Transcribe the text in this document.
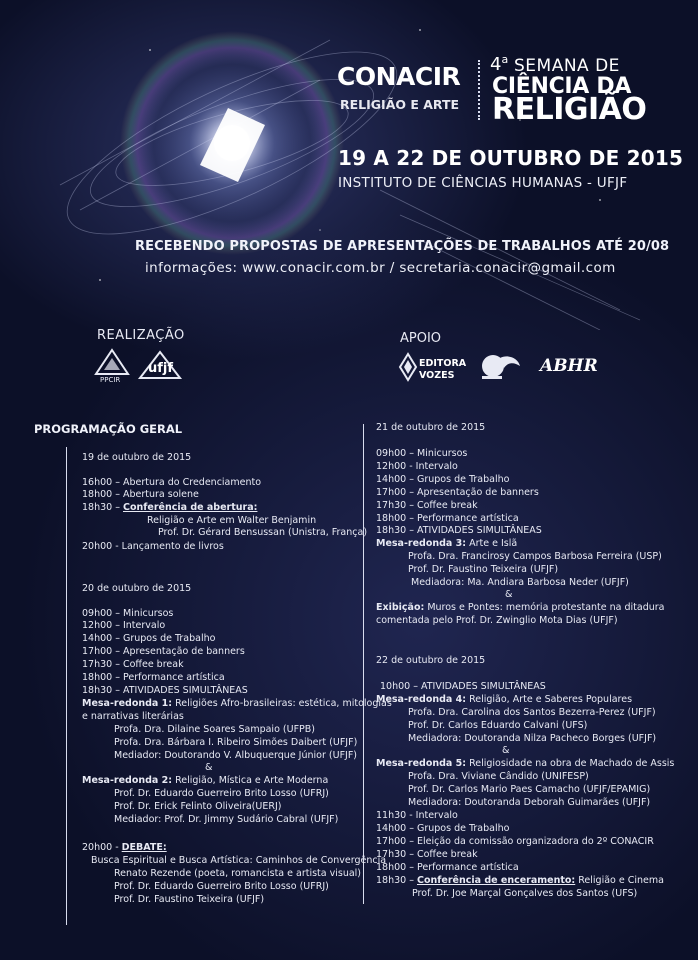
CONACIR
RELIGIÃO E ARTE
4$^a$ SEMANA DE
CIÊNCIA DA
RELIGIÃO
19 A 22 DE OUTUBRO DE 2015
INSTITUTO DE CIÊNCIAS HUMANAS - UFJF
RECEBENDO PROPOSTAS DE APRESENTAÇÕES DE TRABALHOS ATÉ 20/08
informações: www.conacir.com.br / secretaria.conacir@gmail.com
REALIZAÇÃO
PPCIR
ufjf
APOIO
EDITORA
VOZES	ABHR
PROGRAMAÇÃO GERAL
19 de outubro de 2015
16h00 – Abertura do Credenciamento
18h00 – Abertura solene
18h30 – Conferência de abertura:
Religião e Arte em Walter Benjamin
Prof. Dr. Gérard Bensussan (Unistra, França)
20h00 - Lançamento de livros
20 de outubro de 2015
09h00 – Minicursos
12h00 – Intervalo
14h00 – Grupos de Trabalho
17h00 – Apresentação de banners
17h30 – Coffee break
18h00 – Performance artística
18h30 – ATIVIDADES SIMULTÂNEAS
Mesa-redonda 1: Religiões Afro-brasileiras: estética, mitologias
e narrativas literárias
Profa. Dra. Dilaine Soares Sampaio (UFPB)
Profa. Dra. Bárbara I. Ribeiro Simões Daibert (UFJF)
Mediador: Doutorando V. Albuquerque Júnior (UFJF)
&
Mesa-redonda 2: Religião, Mística e Arte Moderna
Prof. Dr. Eduardo Guerreiro Brito Losso (UFRJ)
Prof. Dr. Erick Felinto Oliveira(UERJ)
Mediador: Prof. Dr. Jimmy Sudário Cabral (UFJF)
20h00 - DEBATE:
Busca Espiritual e Busca Artística: Caminhos de Convergência
Renato Rezende (poeta, romancista e artista visual)
Prof. Dr. Eduardo Guerreiro Brito Losso (UFRJ)
Prof. Dr. Faustino Teixeira (UFJF)
21 de outubro de 2015
09h00 – Minicursos
12h00 - Intervalo
14h00 – Grupos de Trabalho
17h00 – Apresentação de banners
17h30 – Coffee break
18h00 – Performance artística
18h30 – ATIVIDADES SIMULTÂNEAS
Mesa-redonda 3: Arte e Islã
Profa. Dra. Francirosy Campos Barbosa Ferreira (USP)
Prof. Dr. Faustino Teixeira (UFJF)
Mediadora: Ma. Andiara Barbosa Neder (UFJF)
&
Exibição: Muros e Pontes: memória protestante na ditadura
comentada pelo Prof. Dr. Zwinglio Mota Dias (UFJF)
22 de outubro de 2015
10h00 – ATIVIDADES SIMULTÂNEAS
Mesa-redonda 4: Religião, Arte e Saberes Populares
Profa. Dra. Carolina dos Santos Bezerra-Perez (UFJF)
Prof. Dr. Carlos Eduardo Calvani (UFS)
Mediadora: Doutoranda Nilza Pacheco Borges (UFJF)
&
Mesa-redonda 5: Religiosidade na obra de Machado de Assis
Profa. Dra. Viviane Cândido (UNIFESP)
Prof. Dr. Carlos Mario Paes Camacho (UFJF/EPAMIG)
Mediadora: Doutoranda Deborah Guimarães (UFJF)
11h30 - Intervalo
14h00 – Grupos de Trabalho
17h00 – Eleição da comissão organizadora do 2º CONACIR
17h30 – Coffee break
18h00 – Performance artística
18h30 – Conferência de enceramento: Religião e Cinema
Prof. Dr. Joe Marçal Gonçalves dos Santos (UFS)
